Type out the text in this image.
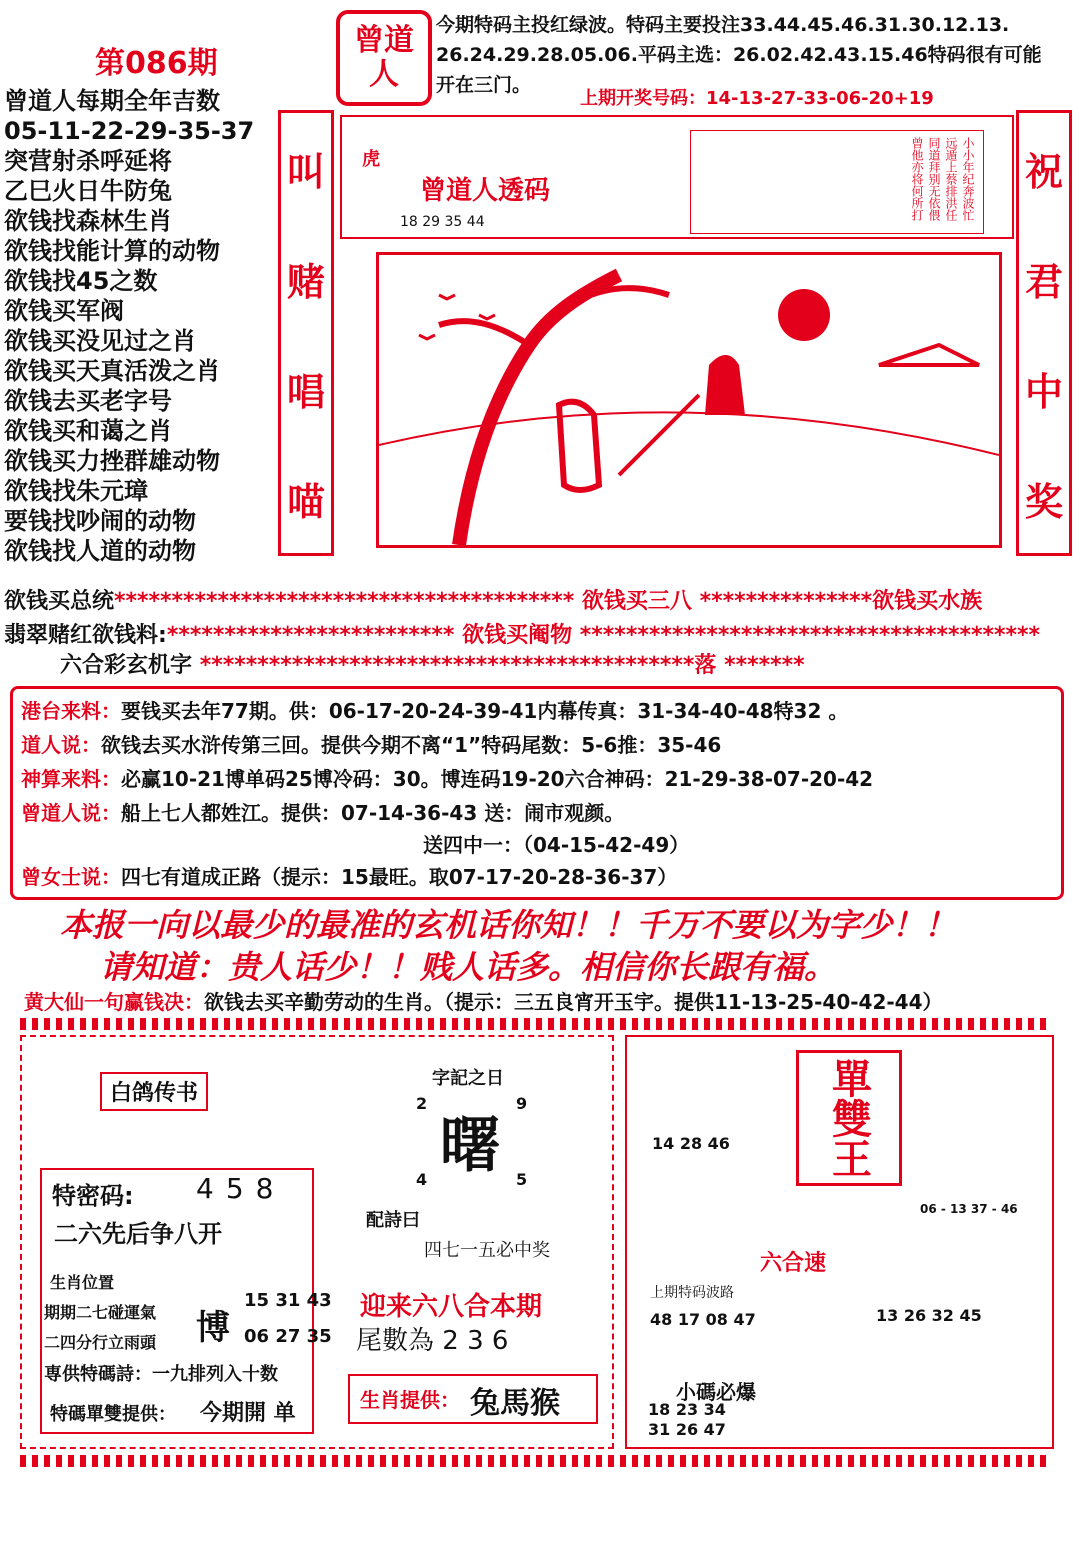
第086期
曾道人
今期特码主投红绿波。特码主要投注33.44.45.46.31.30.12.13.
26.24.29.28.05.06.平码主选：26.02.42.43.15.46特码很有可能
开在三门。
上期开奖号码：14-13-27-33-06-20+19
曾道人每期全年吉数
05-11-22-29-35-37
突营射杀呼延将
乙巳火日牛防兔
欲钱找森林生肖
欲钱找能计算的动物
欲钱找45之数
欲钱买军阀
欲钱买没见过之肖
欲钱买天真活泼之肖
欲钱去买老字号
欲钱买和蔼之肖
欲钱买力挫群雄动物
欲钱找朱元璋
要钱找吵闹的动物
欲钱找人道的动物
叫
赌
唱
喵
祝
君
中
奖
虎
曾道人透码
18 29 35 44
小小年纪奔波忙 远遁上蔡排洪任 同道拜别无依偎 曾他亦将何所打
欲钱买总统**************************************** 欲钱买三八 ***************欲钱买水族
翡翠赌红欲钱料:************************* 欲钱买阉物 ****************************************
六合彩玄机字 *******************************************落 *******
港台来料：要钱买去年77期。供：06-17-20-24-39-41内幕传真：31-34-40-48特32 。
道人说：欲钱去买水浒传第三回。提供今期不离“1”特码尾数：5-6推：35-46
神算来料：必赢10-21博单码25博冷码：30。博连码19-20六合神码：21-29-38-07-20-42
曾道人说：船上七人都姓江。提供：07-14-36-43 送：闹市观颜。
送四中一：（04-15-42-49）
曾女士说：四七有道成正路（提示：15最旺。取07-17-20-28-36-37）
本报一向以最少的最准的玄机话你知！！千万不要以为字少！！
请知道：贵人话少！！贱人话多。相信你长跟有福。
黄大仙一句赢钱决：欲钱去买辛勤劳动的生肖。（提示：三五良宵开玉宇。提供11-13-25-40-42-44）
白鸽传书
特密码: 458
二六先后争八开
生肖位置
期期二七碰運氣
二四分行立雨頭 博
15 31 43
06 27 35
専供特碼詩：一九排列入十数
特碼單雙提供： 今期開 单
字記之日
2	9
曙
4	5
配詩曰
四七一五必中奖
迎来六八合本期
尾數為 2 3 6
生肖提供： 兔馬猴
單雙王
14 28 46
06 - 13 37 - 46
六合速
上期特码波路
48 17 08 47	13 26 32 45
小碼必爆
18 23 34
31 26 47
